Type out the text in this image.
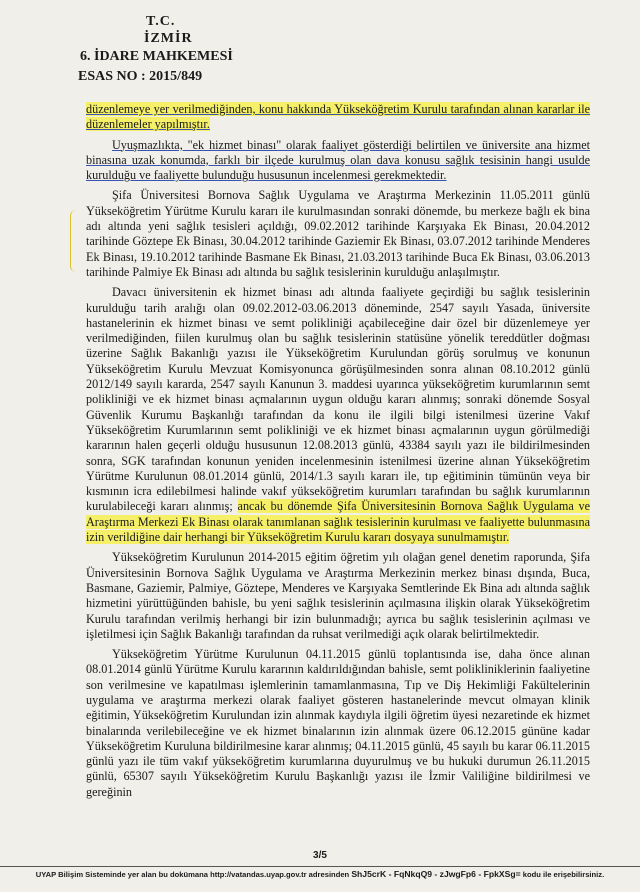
T.C.
İZMİR
6. İDARE MAHKEMESİ
ESAS NO : 2015/849

düzenlemeye yer verilmediğinden, konu hakkında Yükseköğretim Kurulu tarafından alınan kararlar ile düzenlemeler yapılmıştır.

Uyuşmazlıkta, "ek hizmet binası" olarak faaliyet gösterdiği belirtilen ve üniversite ana hizmet binasına uzak konumda, farklı bir ilçede kurulmuş olan dava konusu sağlık tesisinin hangi usulde kurulduğu ve faaliyette bulunduğu hususunun incelenmesi gerekmektedir.

Şifa Üniversitesi Bornova Sağlık Uygulama ve Araştırma Merkezinin 11.05.2011 günlü Yükseköğretim Yürütme Kurulu kararı ile kurulmasından sonraki dönemde, bu merkeze bağlı ek bina adı altında yeni sağlık tesisleri açıldığı, 09.02.2012 tarihinde Karşıyaka Ek Binası, 20.04.2012 tarihinde Göztepe Ek Binası, 30.04.2012 tarihinde Gaziemir Ek Binası, 03.07.2012 tarihinde Menderes Ek Binası, 19.10.2012 tarihinde Basmane Ek Binası, 21.03.2013 tarihinde Buca Ek Binası, 03.06.2013 tarihinde Palmiye Ek Binası adı altında bu sağlık tesislerinin kurulduğu anlaşılmıştır.

Davacı üniversitenin ek hizmet binası adı altında faaliyete geçirdiği bu sağlık tesislerinin kurulduğu tarih aralığı olan 09.02.2012-03.06.2013 döneminde, 2547 sayılı Yasada, üniversite hastanelerinin ek hizmet binası ve semt polikliniği açabileceğine dair özel bir düzenlemeye yer verilmediğinden, fiilen kurulmuş olan bu sağlık tesislerinin statüsüne yönelik tereddütler doğması üzerine Sağlık Bakanlığı yazısı ile Yükseköğretim Kurulundan görüş sorulmuş ve konunun Yükseköğretim Kurulu Mevzuat Komisyonunca görüşülmesinden sonra alınan 08.10.2012 günlü 2012/149 sayılı kararda, 2547 sayılı Kanunun 3. maddesi uyarınca yükseköğretim kurumlarının semt polikliniği ve ek hizmet binası açmalarının uygun olduğu kararı alınmış; sonraki dönemde Sosyal Güvenlik Kurumu Başkanlığı tarafından da konu ile ilgili bilgi istenilmesi üzerine Vakıf Yükseköğretim Kurumlarının semt polikliniği ve ek hizmet binası açmalarının uygun görülmediği kararının halen geçerli olduğu hususunun 12.08.2013 günlü, 43384 sayılı yazı ile bildirilmesinden sonra, SGK tarafından konunun yeniden incelenmesinin istenilmesi üzerine alınan Yükseköğretim Yürütme Kurulunun 08.01.2014 günlü, 2014/1.3 sayılı kararı ile, tıp eğitiminin tümünün veya bir kısmının icra edilebilmesi halinde vakıf yükseköğretim kurumları tarafından bu sağlık kurumlarının kurulabileceği kararı alınmış; ancak bu dönemde Şifa Üniversitesinin Bornova Sağlık Uygulama ve Araştırma Merkezi Ek Binası olarak tanımlanan sağlık tesislerinin kurulması ve faaliyette bulunmasına izin verildiğine dair herhangi bir Yükseköğretim Kurulu kararı dosyaya sunulmamıştır.

Yükseköğretim Kurulunun 2014-2015 eğitim öğretim yılı olağan genel denetim raporunda, Şifa Üniversitesinin Bornova Sağlık Uygulama ve Araştırma Merkezinin merkez binası dışında, Buca, Basmane, Gaziemir, Palmiye, Göztepe, Menderes ve Karşıyaka Semtlerinde Ek Bina adı altında sağlık hizmetini yürüttüğünden bahisle, bu yeni sağlık tesislerinin açılmasına ilişkin olarak Yükseköğretim Kurulu tarafından verilmiş herhangi bir izin bulunmadığı; ayrıca bu sağlık tesislerinin açılması ve işletilmesi için Sağlık Bakanlığı tarafından da ruhsat verilmediği açık olarak belirtilmektedir.

Yükseköğretim Yürütme Kurulunun 04.11.2015 günlü toplantısında ise, daha önce alınan 08.01.2014 günlü Yürütme Kurulu kararının kaldırıldığından bahisle, semt polikliniklerinin faaliyetine son verilmesine ve kapatılması işlemlerinin tamamlanmasına, Tıp ve Diş Hekimliği Fakültelerinin uygulama ve araştırma merkezi olarak faaliyet gösteren hastanelerinde mevcut olmayan klinik eğitimin, Yükseköğretim Kurulundan izin alınmak kaydıyla ilgili öğretim üyesi nezaretinde ek hizmet binalarında verilebileceğine ve ek hizmet binalarının izin alınmak üzere 06.12.2015 gününe kadar Yükseköğretim Kuruluna bildirilmesine karar alınmış; 04.11.2015 günlü, 45 sayılı bu karar 06.11.2015 günlü yazı ile tüm vakıf yükseköğretim kurumlarına duyurulmuş ve bu hukuki durumun 26.11.2015 günlü, 65307 sayılı Yükseköğretim Kurulu Başkanlığı yazısı ile İzmir Valiliğine bildirilmesi ve gereğinin

3/5
UYAP Bilişim Sisteminde yer alan bu dokümana http://vatandas.uyap.gov.tr adresinden ShJ5crK - FqNkqQ9 - zJwgFp6 - FpkXSg= kodu ile erişebilirsiniz.
